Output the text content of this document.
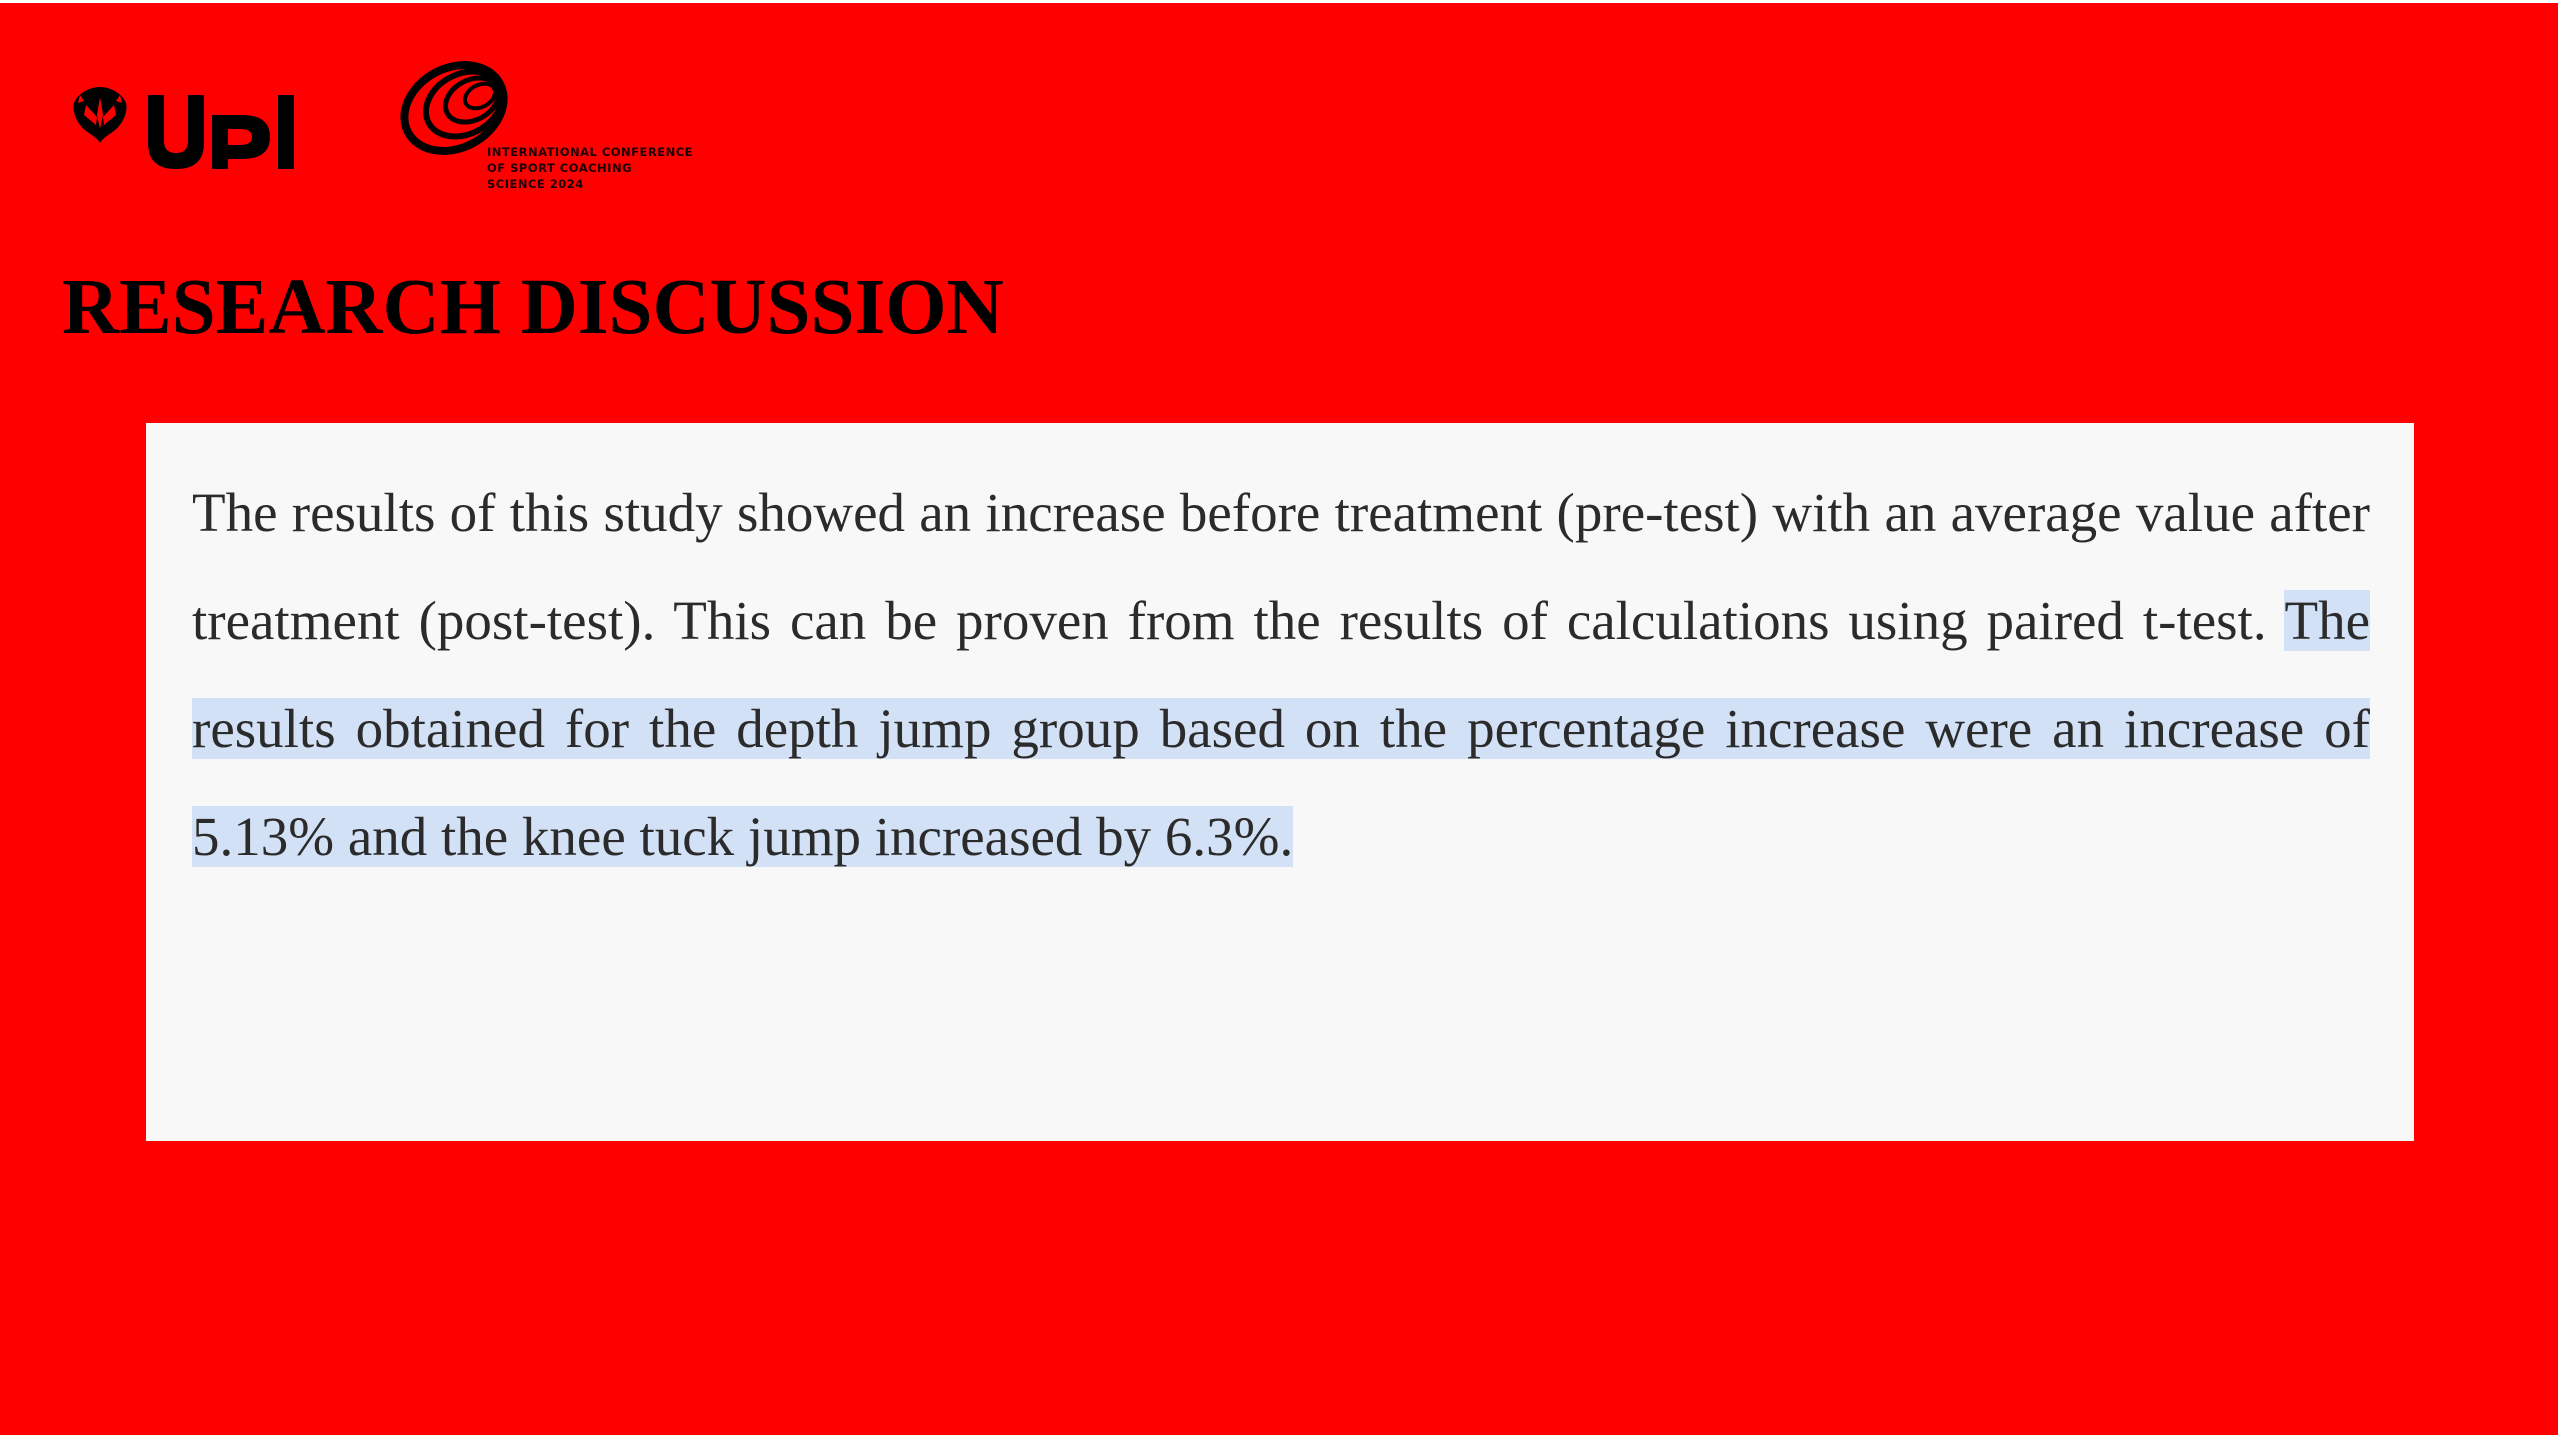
INTERNATIONAL CONFERENCE
OF SPORT COACHING
SCIENCE 2024
RESEARCH DISCUSSION

The results of this study showed an increase before treatment (pre-test) with an average value after treatment (post-test). This can be proven from the results of calculations using paired t-test. The results obtained for the depth jump group based on the percentage increase were an increase of 5.13% and the knee tuck jump increased by 6.3%.
